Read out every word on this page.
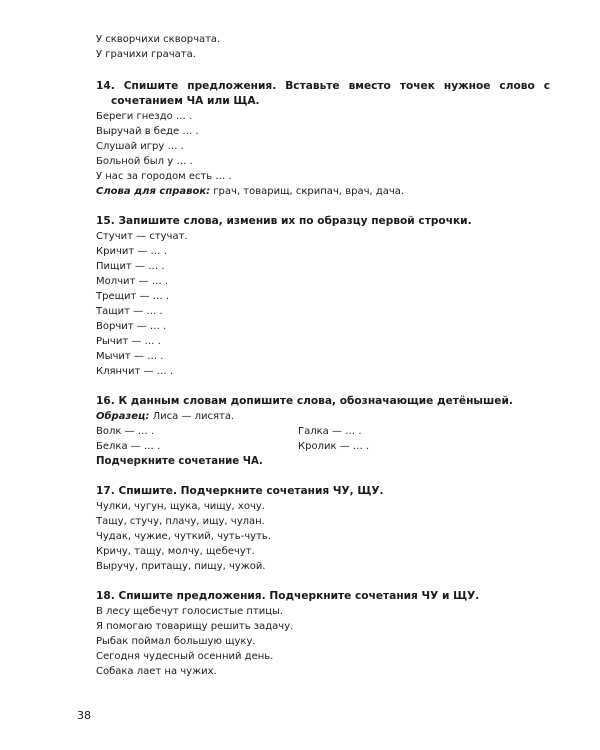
У скворчихи скворчата.
У грачихи грачата.
14. Спишите предложения. Вставьте вместо точек нужное слово с сочетанием ЧА или ЩА.
Береги гнездо … .
Выручай в беде … .
Слушай игру … .
Больной был у … .
У нас за городом есть … .
Слова для справок: грач, товарищ, скрипач, врач, дача.
15. Запишите слова, изменив их по образцу первой строчки.
Стучит — стучат.
Кричит — … .
Пищит — … .
Молчит — … .
Трещит — … .
Тащит — … .
Ворчит — … .
Рычит — … .
Мычит — … .
Клянчит — … .
16. К данным словам допишите слова, обозначающие детёнышей.
Образец: Лиса — лисята.
Волк — … .	Галка — … .
Белка — … .	Кролик — … .
Подчеркните сочетание ЧА.
17. Спишите. Подчеркните сочетания ЧУ, ЩУ.
Чулки, чугун, щука, чищу, хочу.
Тащу, стучу, плачу, ищу, чулан.
Чудак, чужие, чуткий, чуть-чуть.
Кричу, тащу, молчу, щебечут.
Выручу, притащу, пищу, чужой.
18. Спишите предложения. Подчеркните сочетания ЧУ и ЩУ.
В лесу щебечут голосистые птицы.
Я помогаю товарищу решить задачу.
Рыбак поймал большую щуку.
Сегодня чудесный осенний день.
Собака лает на чужих.
38
